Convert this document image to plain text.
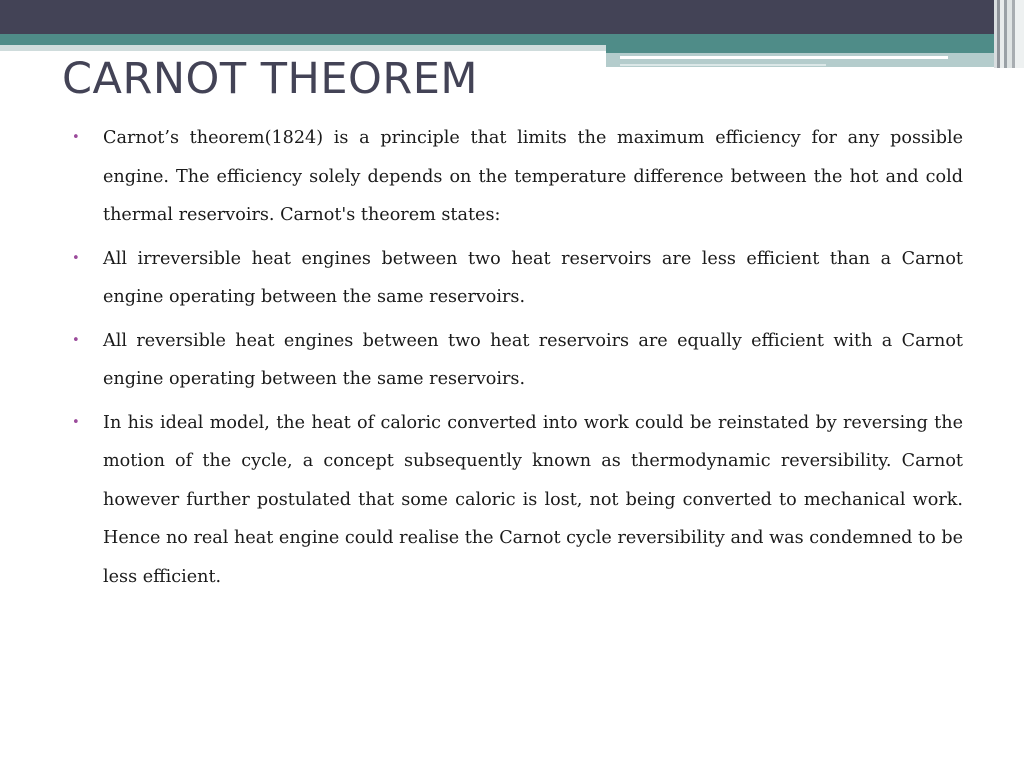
CARNOT THEOREM
• Carnot’s theorem(1824) is a principle that limits the maximum efficiency for any possible engine. The efficiency solely depends on the temperature difference between the hot and cold thermal reservoirs. Carnot's theorem states:
• All irreversible heat engines between two heat reservoirs are less efficient than a Carnot engine operating between the same reservoirs.
• All reversible heat engines between two heat reservoirs are equally efficient with a Carnot engine operating between the same reservoirs.
• In his ideal model, the heat of caloric converted into work could be reinstated by reversing the motion of the cycle, a concept subsequently known as thermodynamic reversibility. Carnot however further postulated that some caloric is lost, not being converted to mechanical work. Hence no real heat engine could realise the Carnot cycle reversibility and was condemned to be less efficient.
